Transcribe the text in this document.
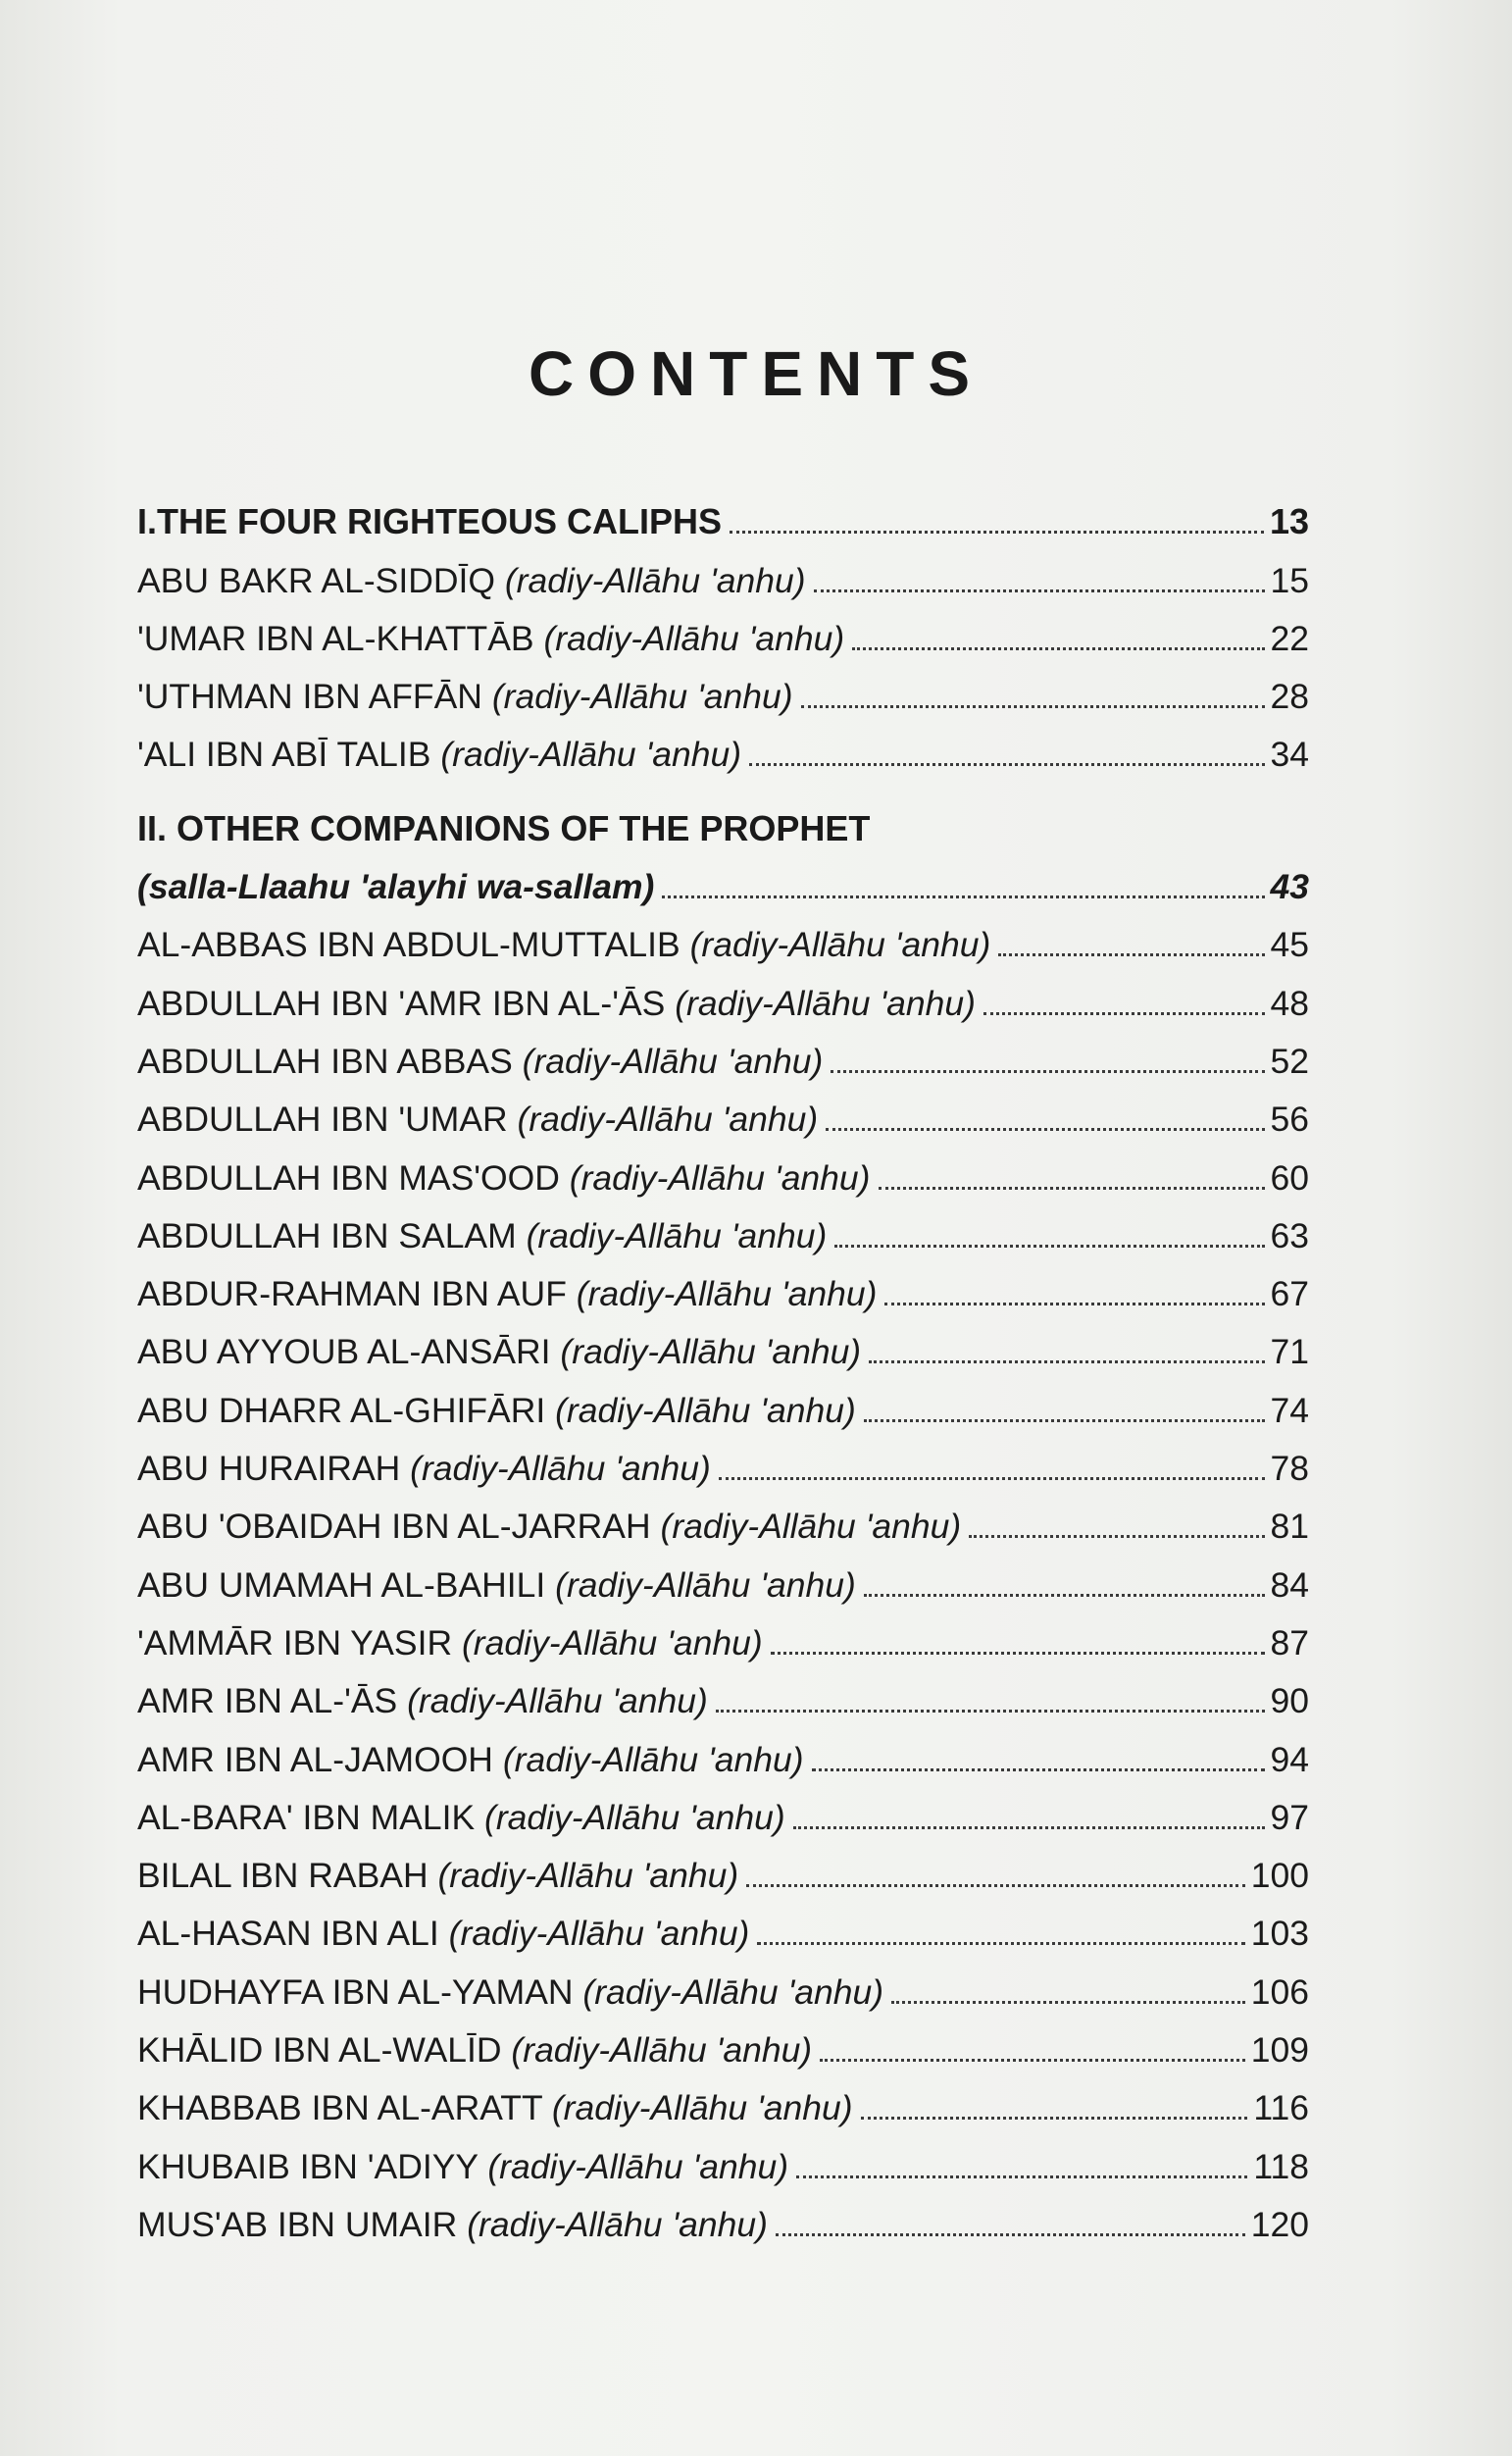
CONTENTS
I.THE FOUR RIGHTEOUS CALIPHS	13
ABU BAKR AL-SIDDĪQ (radiy-Allāhu 'anhu)	15
'UMAR IBN AL-KHATTĀB (radiy-Allāhu 'anhu)	22
'UTHMAN IBN AFFĀN (radiy-Allāhu 'anhu)	28
'ALI IBN ABĪ TALIB (radiy-Allāhu 'anhu)	34
II. OTHER COMPANIONS OF THE PROPHET
(salla-Llaahu 'alayhi wa-sallam)	43
AL-ABBAS IBN ABDUL-MUTTALIB (radiy-Allāhu 'anhu)	45
ABDULLAH IBN 'AMR IBN AL-'ĀS (radiy-Allāhu 'anhu)	48
ABDULLAH IBN ABBAS (radiy-Allāhu 'anhu)	52
ABDULLAH IBN 'UMAR (radiy-Allāhu 'anhu)	56
ABDULLAH IBN MAS'OOD (radiy-Allāhu 'anhu)	60
ABDULLAH IBN SALAM (radiy-Allāhu 'anhu)	63
ABDUR-RAHMAN IBN AUF (radiy-Allāhu 'anhu)	67
ABU AYYOUB AL-ANSĀRI (radiy-Allāhu 'anhu)	71
ABU DHARR AL-GHIFĀRI (radiy-Allāhu 'anhu)	74
ABU HURAIRAH (radiy-Allāhu 'anhu)	78
ABU 'OBAIDAH IBN AL-JARRAH (radiy-Allāhu 'anhu)	81
ABU UMAMAH AL-BAHILI (radiy-Allāhu 'anhu)	84
'AMMĀR IBN YASIR (radiy-Allāhu 'anhu)	87
AMR IBN AL-'ĀS (radiy-Allāhu 'anhu)	90
AMR IBN AL-JAMOOH (radiy-Allāhu 'anhu)	94
AL-BARA' IBN MALIK (radiy-Allāhu 'anhu)	97
BILAL IBN RABAH (radiy-Allāhu 'anhu)	100
AL-HASAN IBN ALI (radiy-Allāhu 'anhu)	103
HUDHAYFA IBN AL-YAMAN (radiy-Allāhu 'anhu)	106
KHĀLID IBN AL-WALĪD (radiy-Allāhu 'anhu)	109
KHABBAB IBN AL-ARATT (radiy-Allāhu 'anhu)	116
KHUBAIB IBN 'ADIYY (radiy-Allāhu 'anhu)	118
MUS'AB IBN UMAIR (radiy-Allāhu 'anhu)	120
